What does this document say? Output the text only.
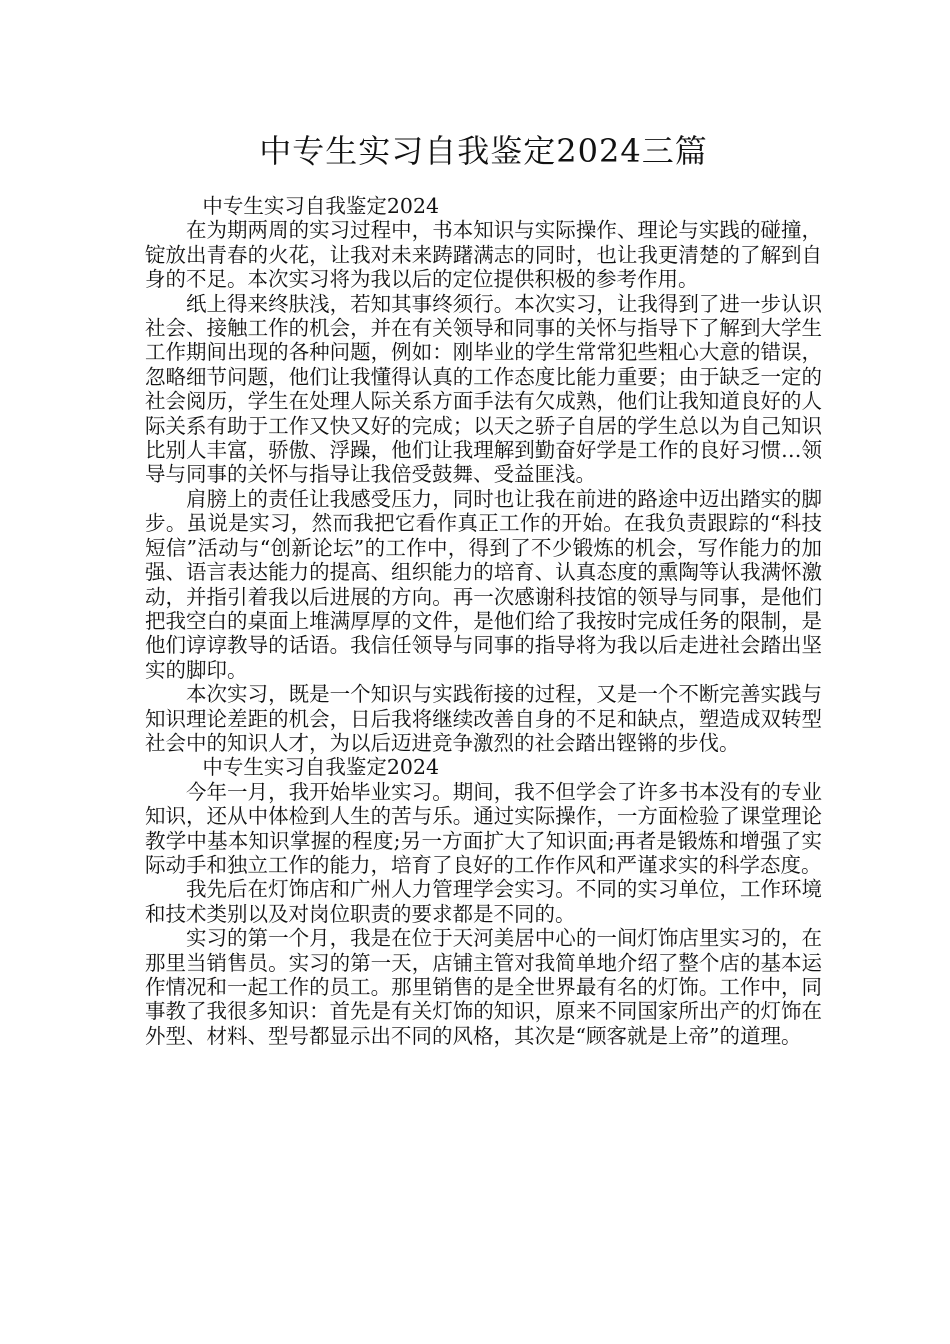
中专生实习自我鉴定2024三篇

中专生实习自我鉴定2024

在为期两周的实习过程中，书本知识与实际操作、理论与实践的碰撞，锭放出青春的火花，让我对未来踌躇满志的同时，也让我更清楚的了解到自身的不足。本次实习将为我以后的定位提供积极的参考作用。

纸上得来终肤浅，若知其事终须行。本次实习，让我得到了进一步认识社会、接触工作的机会，并在有关领导和同事的关怀与指导下了解到大学生工作期间出现的各种问题，例如：刚毕业的学生常常犯些粗心大意的错误，忽略细节问题，他们让我懂得认真的工作态度比能力重要；由于缺乏一定的社会阅历，学生在处理人际关系方面手法有欠成熟，他们让我知道良好的人际关系有助于工作又快又好的完成；以天之骄子自居的学生总以为自己知识比别人丰富，骄傲、浮躁，他们让我理解到勤奋好学是工作的良好习惯…领导与同事的关怀与指导让我倍受鼓舞、受益匪浅。

肩膀上的责任让我感受压力，同时也让我在前进的路途中迈出踏实的脚步。虽说是实习，然而我把它看作真正工作的开始。在我负责跟踪的“科技短信”活动与“创新论坛”的工作中，得到了不少锻炼的机会，写作能力的加强、语言表达能力的提高、组织能力的培育、认真态度的熏陶等认我满怀激动，并指引着我以后进展的方向。再一次感谢科技馆的领导与同事，是他们把我空白的桌面上堆满厚厚的文件，是他们给了我按时完成任务的限制，是他们谆谆教导的话语。我信任领导与同事的指导将为我以后走进社会踏出坚实的脚印。

本次实习，既是一个知识与实践衔接的过程，又是一个不断完善实践与知识理论差距的机会，日后我将继续改善自身的不足和缺点，塑造成双转型社会中的知识人才，为以后迈进竞争激烈的社会踏出铿锵的步伐。

中专生实习自我鉴定2024

今年一月，我开始毕业实习。期间，我不但学会了许多书本没有的专业知识，还从中体检到人生的苦与乐。通过实际操作，一方面检验了课堂理论教学中基本知识掌握的程度;另一方面扩大了知识面;再者是锻炼和增强了实际动手和独立工作的能力，培育了良好的工作作风和严谨求实的科学态度。

我先后在灯饰店和广州人力管理学会实习。不同的实习单位，工作环境和技术类别以及对岗位职责的要求都是不同的。

实习的第一个月，我是在位于天河美居中心的一间灯饰店里实习的，在那里当销售员。实习的第一天，店铺主管对我简单地介绍了整个店的基本运作情况和一起工作的员工。那里销售的是全世界最有名的灯饰。工作中，同事教了我很多知识：首先是有关灯饰的知识，原来不同国家所出产的灯饰在外型、材料、型号都显示出不同的风格，其次是“顾客就是上帝”的道理。
